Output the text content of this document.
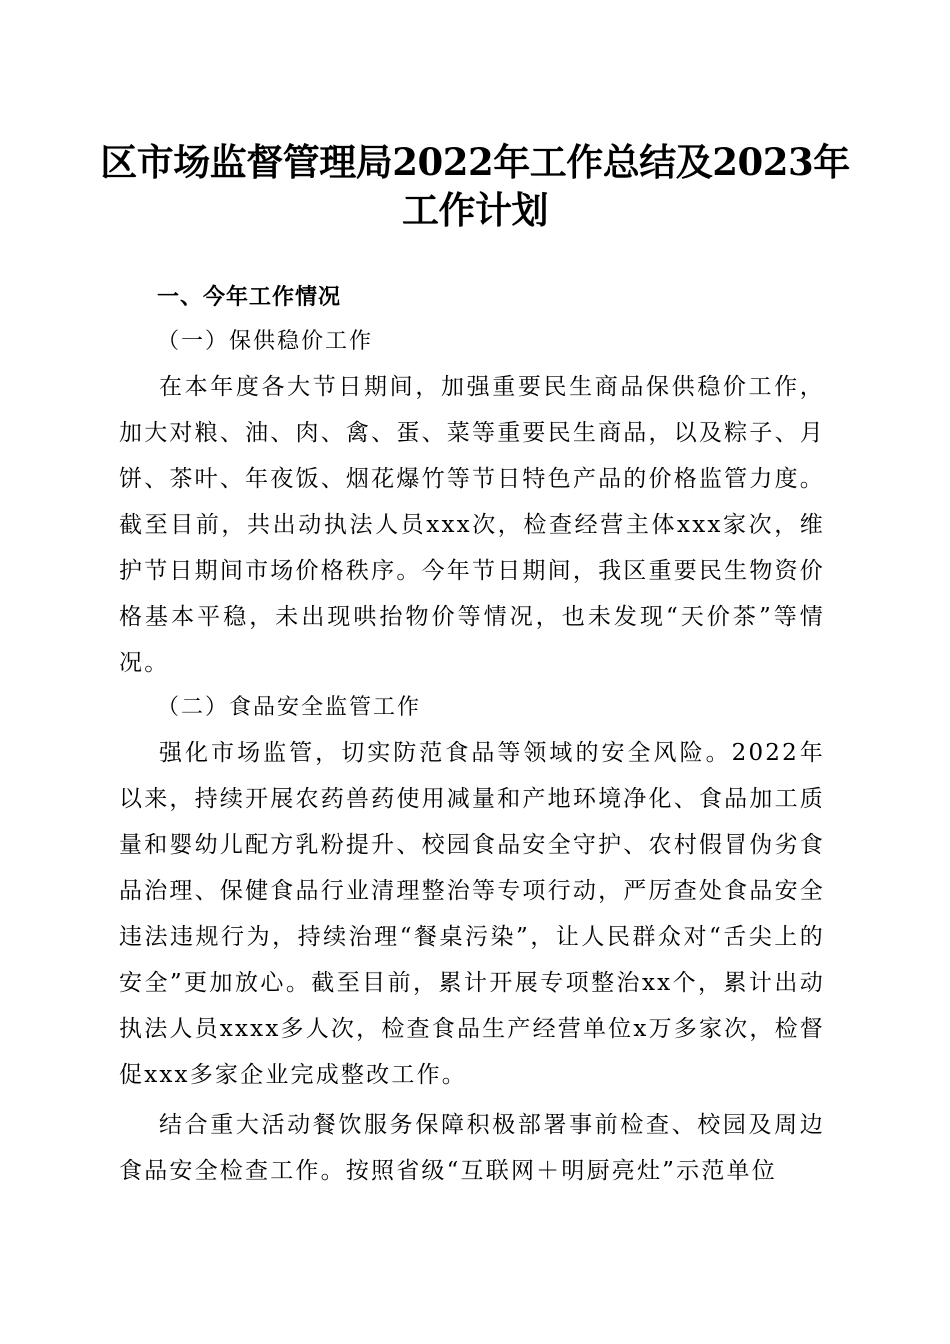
区市场监督管理局2022年工作总结及2023年工作计划

一、今年工作情况

（一）保供稳价工作

在本年度各大节日期间，加强重要民生商品保供稳价工作，加大对粮、油、肉、禽、蛋、菜等重要民生商品，以及粽子、月饼、茶叶、年夜饭、烟花爆竹等节日特色产品的价格监管力度。截至目前，共出动执法人员xxx次，检查经营主体xxx家次，维护节日期间市场价格秩序。今年节日期间，我区重要民生物资价格基本平稳，未出现哄抬物价等情况，也未发现“天价茶”等情况。

（二）食品安全监管工作

强化市场监管，切实防范食品等领域的安全风险。2022年以来，持续开展农药兽药使用减量和产地环境净化、食品加工质量和婴幼儿配方乳粉提升、校园食品安全守护、农村假冒伪劣食品治理、保健食品行业清理整治等专项行动，严厉查处食品安全违法违规行为，持续治理“餐桌污染”，让人民群众对“舌尖上的安全”更加放心。截至目前，累计开展专项整治xx个，累计出动执法人员xxxx多人次，检查食品生产经营单位x万多家次，检督促xxx多家企业完成整改工作。

结合重大活动餐饮服务保障积极部署事前检查、校园及周边食品安全检查工作。按照省级“互联网＋明厨亮灶”示范单位
